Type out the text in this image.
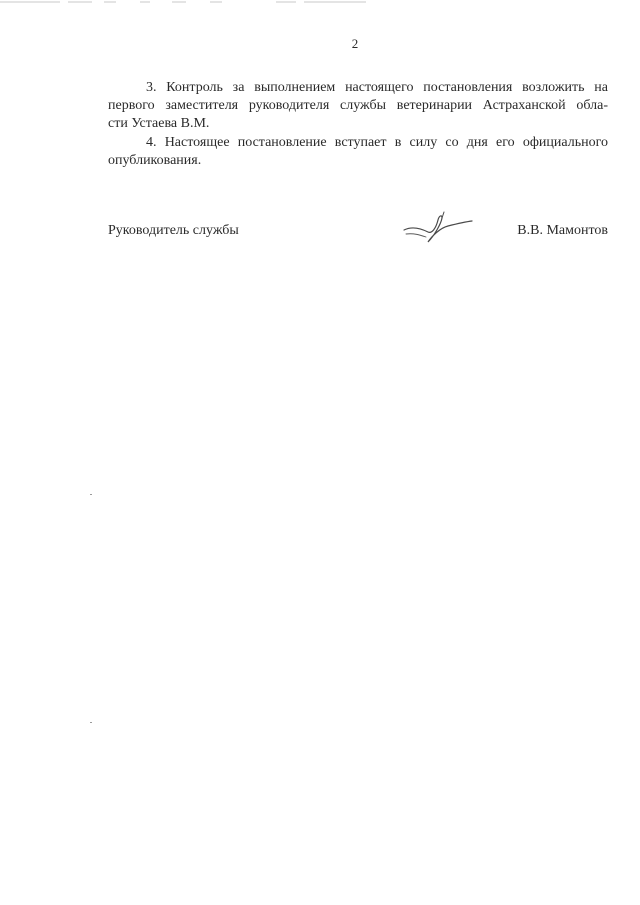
2
3. Контроль за выполнением настоящего постановления возложить на
первого заместителя руководителя службы ветеринарии Астраханской обла-
сти Устаева В.М.
4. Настоящее постановление вступает в силу со дня его официального
опубликования.
Руководитель службы	В.В. Мамонтов
